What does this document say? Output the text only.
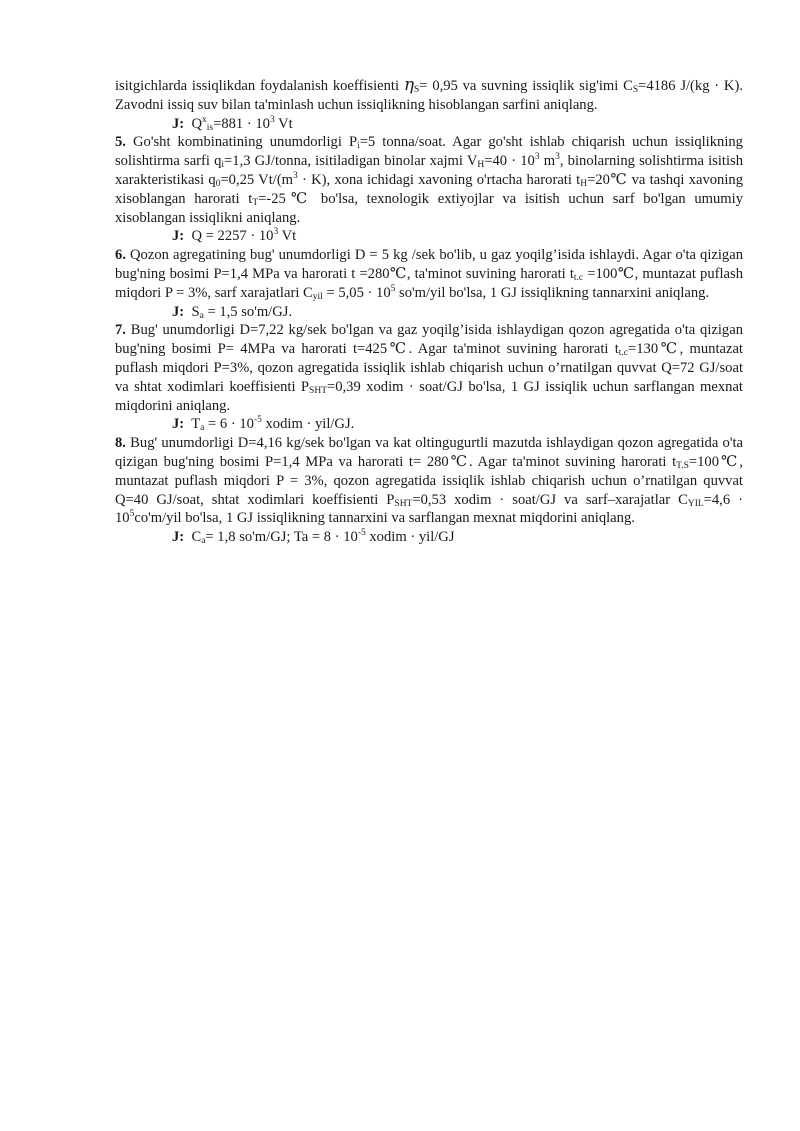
isitgichlarda issiqlikdan foydalanish koeffisienti $\eta_S= 0,95$ va suvning issiqlik sig'imi $C_S=4186$ J/(kg · K). Zavodni issiq suv bilan ta'minlash uchun issiqlikning hisoblangan sarfini aniqlang.

J: $Q^x_{is}=881 \cdot 10^3$ Vt

5. Go'sht kombinatining unumdorligi $P_i=5$ tonna/soat. Agar go'sht ishlab chiqarish uchun issiqlikning solishtirma sarfi $q_i=1,3$ GJ/tonna, isitiladigan binolar xajmi $V_H=40 \cdot 10^3$ $m^3$, binolarning solishtirma isitish xarakteristikasi $q_0=0,25$ $Vt/(m^3 \cdot K)$, xona ichidagi xavoning o'rtacha harorati $t_H=20℃$ va tashqi xavoning xisoblangan harorati $t_T=-25℃$ bo'lsa, texnologik extiyojlar va isitish uchun sarf bo'lgan umumiy xisoblangan issiqlikni aniqlang.

J: $Q = 2257 \cdot 10^3$ Vt

6. Qozon agregatining bug' unumdorligi D = 5 kg /sek bo'lib, u gaz yoqilg’isida ishlaydi. Agar o'ta qizigan bug'ning bosimi P=1,4 MPa va harorati t =280℃, ta'minot suvining harorati $t_{t.c}$ =100℃, muntazat puflash miqdori P = 3%, sarf xarajatlari $C_{yil} = 5,05 \cdot 10^5$ so'm/yil bo'lsa, 1 GJ issiqlikning tannarxini aniqlang.

J: $S_a = 1,5$ so'm/GJ.

7. Bug' unumdorligi D=7,22 kg/sek bo'lgan va gaz yoqilg’isida ishlaydigan qozon agregatida o'ta qizigan bug'ning bosimi P= 4MPa va harorati t=425℃. Agar ta'minot suvining harorati $t_{t.c}=130℃$, muntazat puflash miqdori P=3%, qozon agregatida issiqlik ishlab chiqarish uchun o’rnatilgan quvvat Q=72 GJ/soat va shtat xodimlari koeffisienti $P_{SHT}=0,39$ xodim · soat/GJ bo'lsa, 1 GJ issiqlik uchun sarflangan mexnat miqdorini aniqlang.

J: $T_a = 6 \cdot 10^{-5}$ xodim · yil/GJ.

8. Bug' unumdorligi D=4,16 kg/sek bo'lgan va kat oltingugurtli mazutda ishlaydigan qozon agregatida o'ta qizigan bug'ning bosimi P=1,4 MPa va harorati t= 280℃. Agar ta'minot suvining harorati $t_{T.S}=100℃$, muntazat puflash miqdori P = 3%, qozon agregatida issiqlik ishlab chiqarish uchun o’rnatilgan quvvat Q=40 GJ/soat, shtat xodimlari koeffisienti $P_{SHT}=0,53$ xodim · soat/GJ va sarf–xarajatlar $C_{YIL}=4,6 \cdot 10^5co'm/yil$ bo'lsa, 1 GJ issiqlikning tannarxini va sarflangan mexnat miqdorini aniqlang.

J: $C_a= 1,8$ so'm/GJ; $Ta = 8 \cdot 10^{-5}$ xodim · yil/GJ
